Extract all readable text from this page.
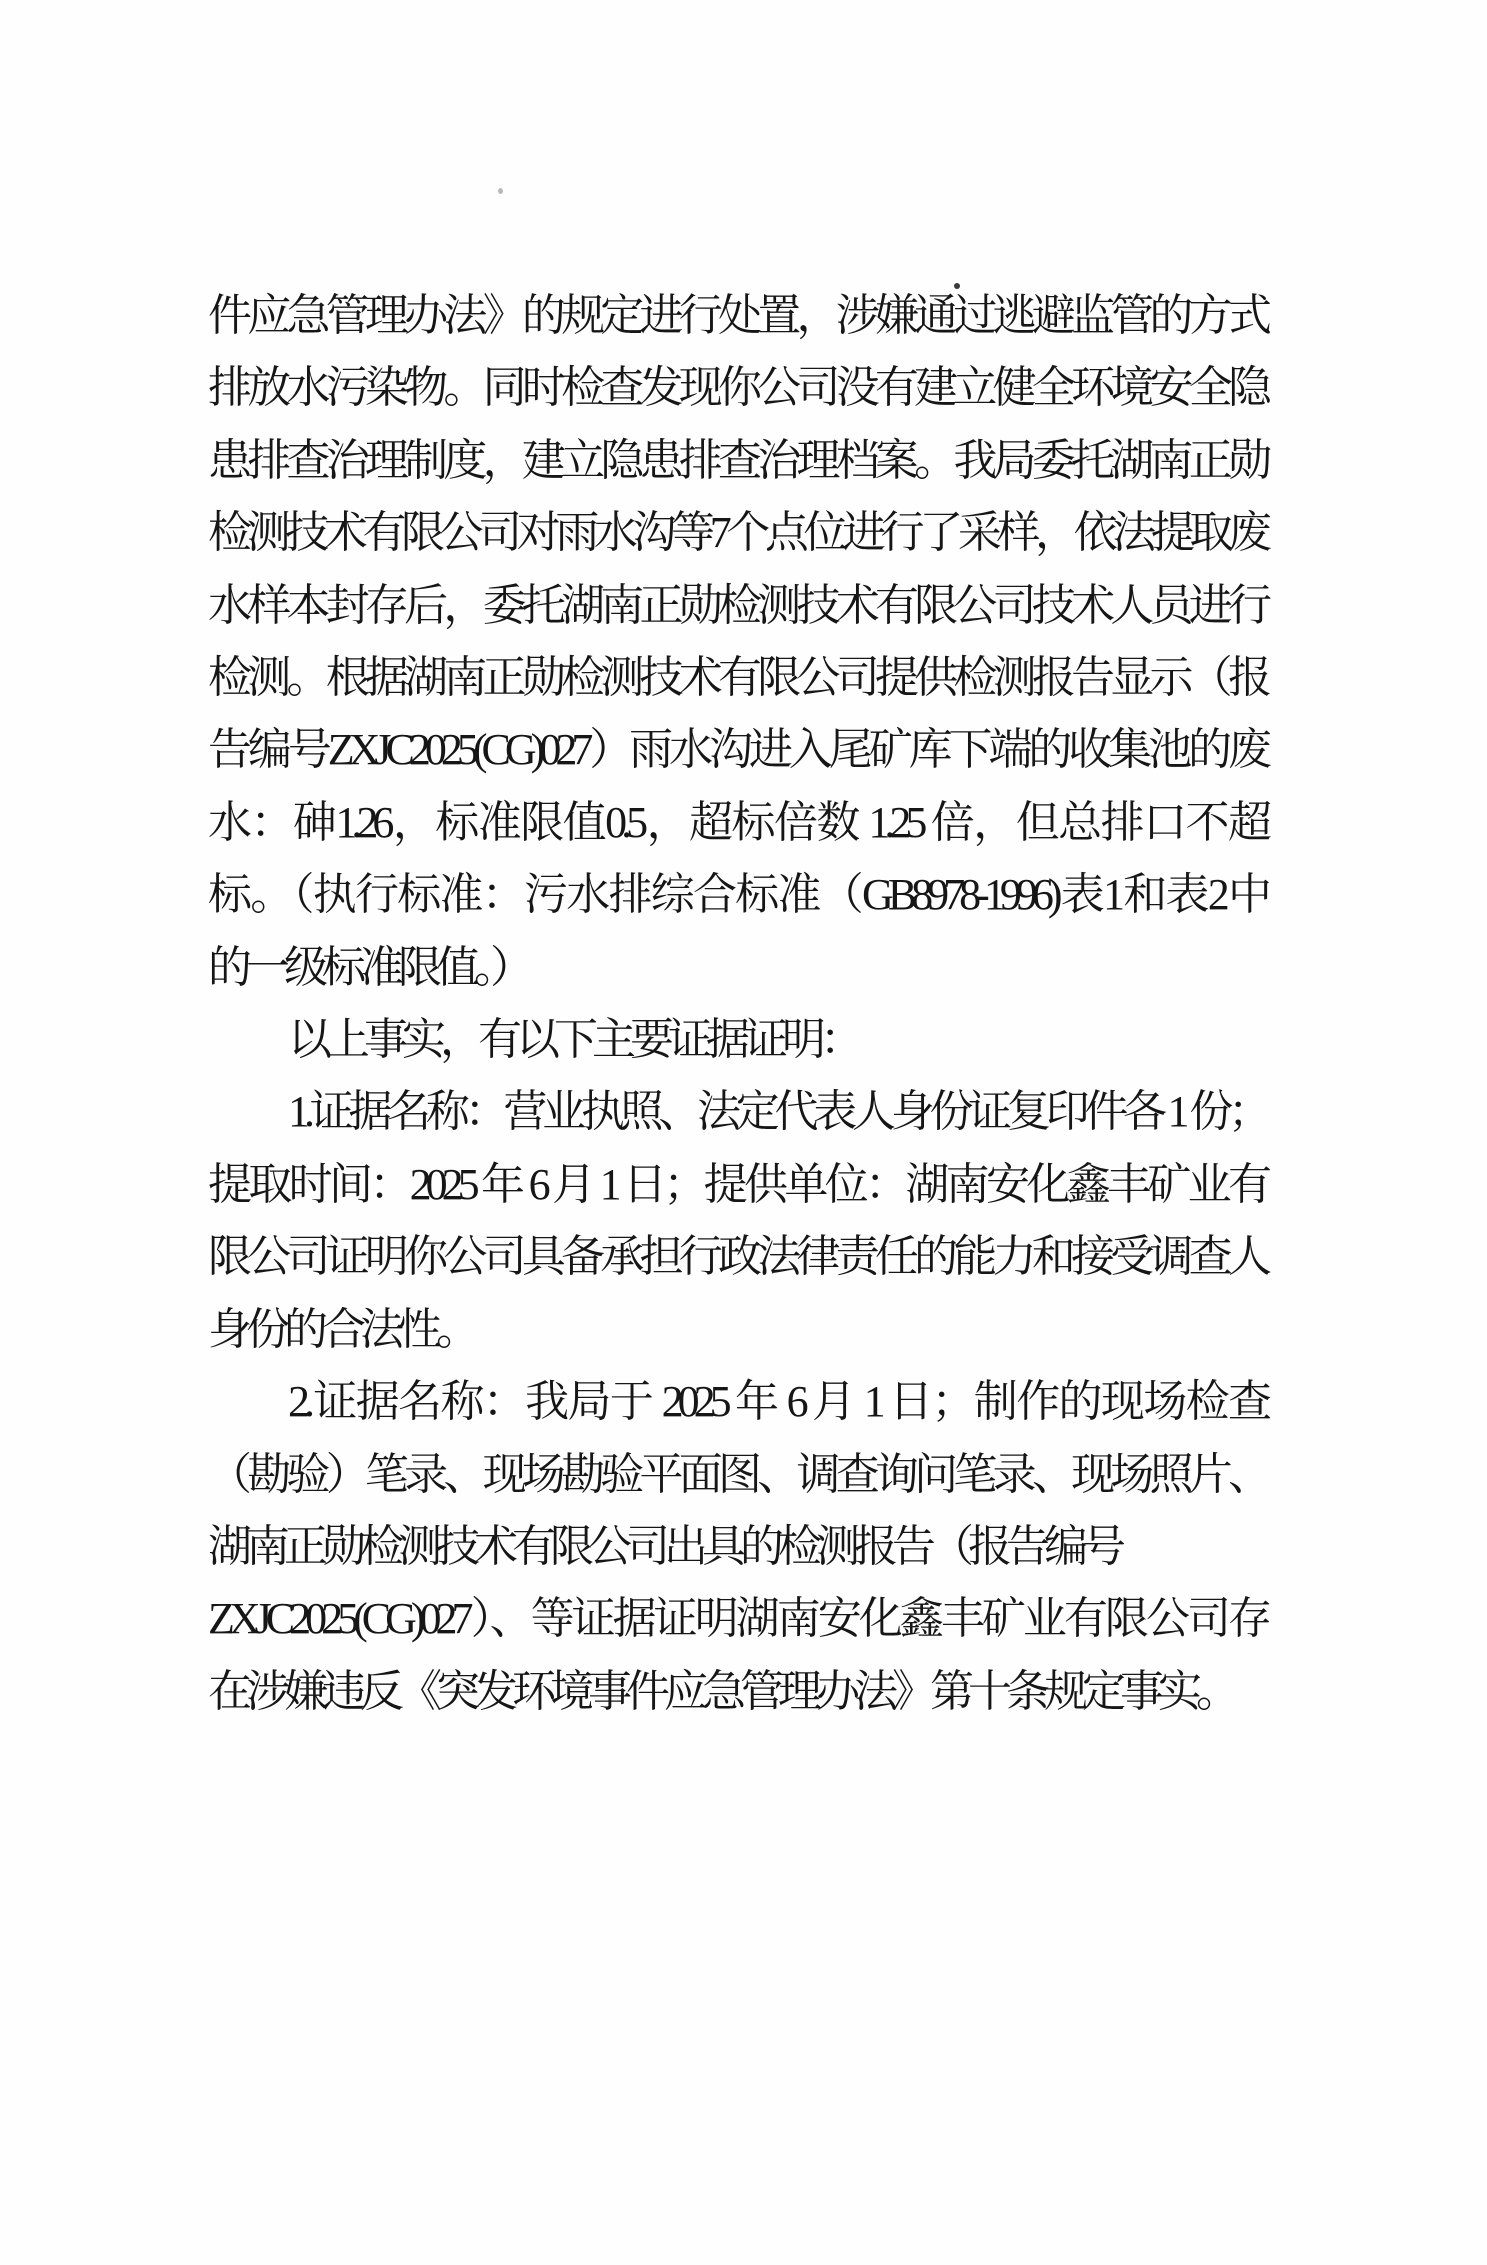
件应急管理办法》的规定进行处置，涉嫌通过逃避监管的方式
排放水污染物。同时检查发现你公司没有建立健全环境安全隐
患排查治理制度，建立隐患排查治理档案。我局委托湖南正勋
检测技术有限公司对雨水沟等7个点位进行了采样，依法提取废
水样本封存后，委托湖南正勋检测技术有限公司技术人员进行
检测。根据湖南正勋检测技术有限公司提供检测报告显示（报
告编号ZXJC2025(CG)027）雨水沟进入尾矿库下端的收集池的废
水：砷1.26，标准限值0.5，超标倍数 1.25 倍，但总排口不超
标。（执行标准：污水排综合标准（GB8978-1996)表1和表2中
的一级标准限值。）
以上事实，有以下主要证据证明：
1.证据名称：营业执照、法定代表人身份证复印件各 1 份；
提取时间：2025 年 6 月 1 日；提供单位：湖南安化鑫丰矿业有
限公司证明你公司具备承担行政法律责任的能力和接受调查人
身份的合法性。
2.证据名称：我局于 2025 年 6 月 1 日；制作的现场检查
（勘验）笔录、现场勘验平面图、调查询问笔录、现场照片、
湖南正勋检测技术有限公司出具的检测报告（报告编号
ZXJC2025(CG)027）、等证据证明湖南安化鑫丰矿业有限公司存
在涉嫌违反《突发环境事件应急管理办法》第十条规定事实。
